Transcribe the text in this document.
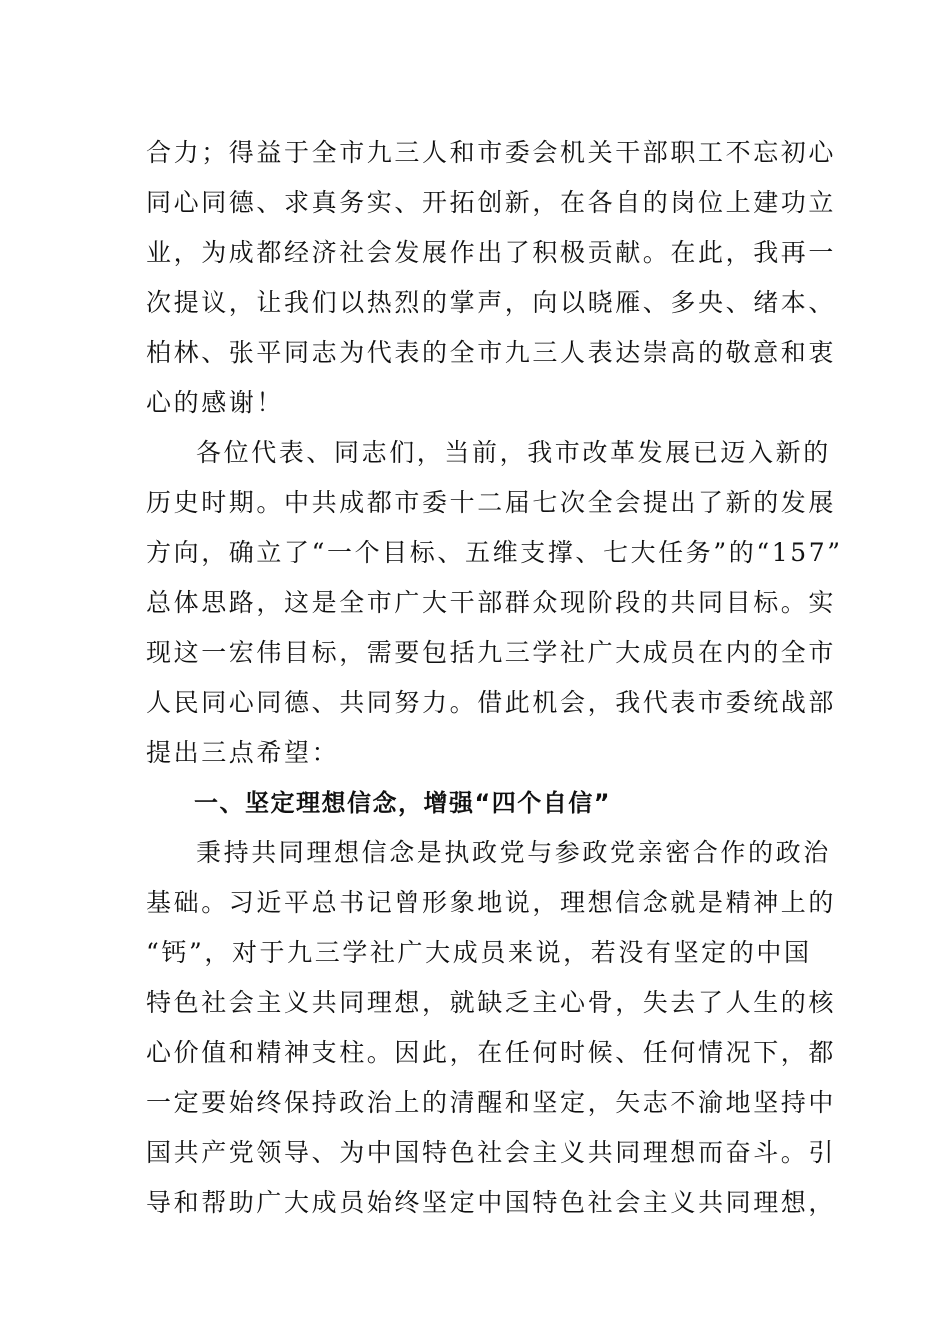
合力；得益于全市九三人和市委会机关干部职工不忘初心
同心同德、求真务实、开拓创新，在各自的岗位上建功立
业，为成都经济社会发展作出了积极贡献。在此，我再一
次提议，让我们以热烈的掌声，向以晓雁、多央、绪本、
柏林、张平同志为代表的全市九三人表达崇高的敬意和衷
心的感谢！
各位代表、同志们，当前，我市改革发展已迈入新的
历史时期。中共成都市委十二届七次全会提出了新的发展
方向，确立了“一个目标、五维支撑、七大任务”的“157”
总体思路，这是全市广大干部群众现阶段的共同目标。实
现这一宏伟目标，需要包括九三学社广大成员在内的全市
人民同心同德、共同努力。借此机会，我代表市委统战部
提出三点希望：
一、坚定理想信念，增强“四个自信”
秉持共同理想信念是执政党与参政党亲密合作的政治
基础。习近平总书记曾形象地说，理想信念就是精神上的
“钙”，对于九三学社广大成员来说，若没有坚定的中国
特色社会主义共同理想，就缺乏主心骨，失去了人生的核
心价值和精神支柱。因此，在任何时候、任何情况下，都
一定要始终保持政治上的清醒和坚定，矢志不渝地坚持中
国共产党领导、为中国特色社会主义共同理想而奋斗。引
导和帮助广大成员始终坚定中国特色社会主义共同理想，
